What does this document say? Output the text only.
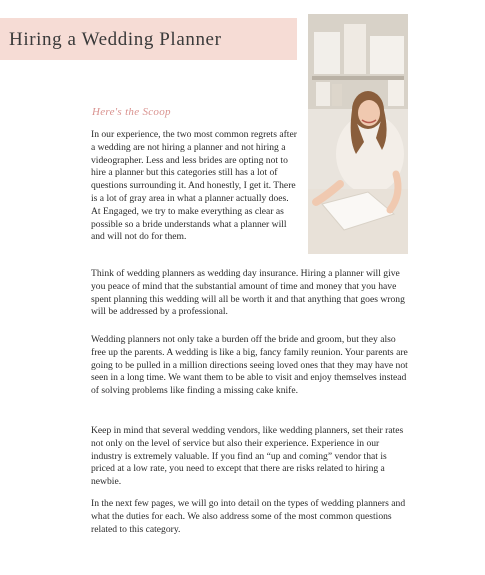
Hiring a Wedding Planner
Here's the Scoop

In our experience, the two most common regrets after a wedding are not hiring a planner and not hiring a videographer. Less and less brides are opting not to hire a planner but this categories still has a lot of questions surrounding it. And honestly, I get it. There is a lot of gray area in what a planner actually does. At Engaged, we try to make everything as clear as possible so a bride understands what a planner will and will not do for them.

Think of wedding planners as wedding day insurance. Hiring a planner will give you peace of mind that the substantial amount of time and money that you have spent planning this wedding will all be worth it and that anything that goes wrong will be addressed by a professional.

Wedding planners not only take a burden off the bride and groom, but they also free up the parents. A wedding is like a big, fancy family reunion. Your parents are going to be pulled in a million directions seeing loved ones that they may have not seen in a long time. We want them to be able to visit and enjoy themselves instead of solving problems like finding a missing cake knife.

Keep in mind that several wedding vendors, like wedding planners, set their rates not only on the level of service but also their experience. Experience in our industry is extremely valuable. If you find an “up and coming” vendor that is priced at a low rate, you need to except that there are risks related to hiring a newbie.

In the next few pages, we will go into detail on the types of wedding planners and what the duties for each. We also address some of the most common questions related to this category.
